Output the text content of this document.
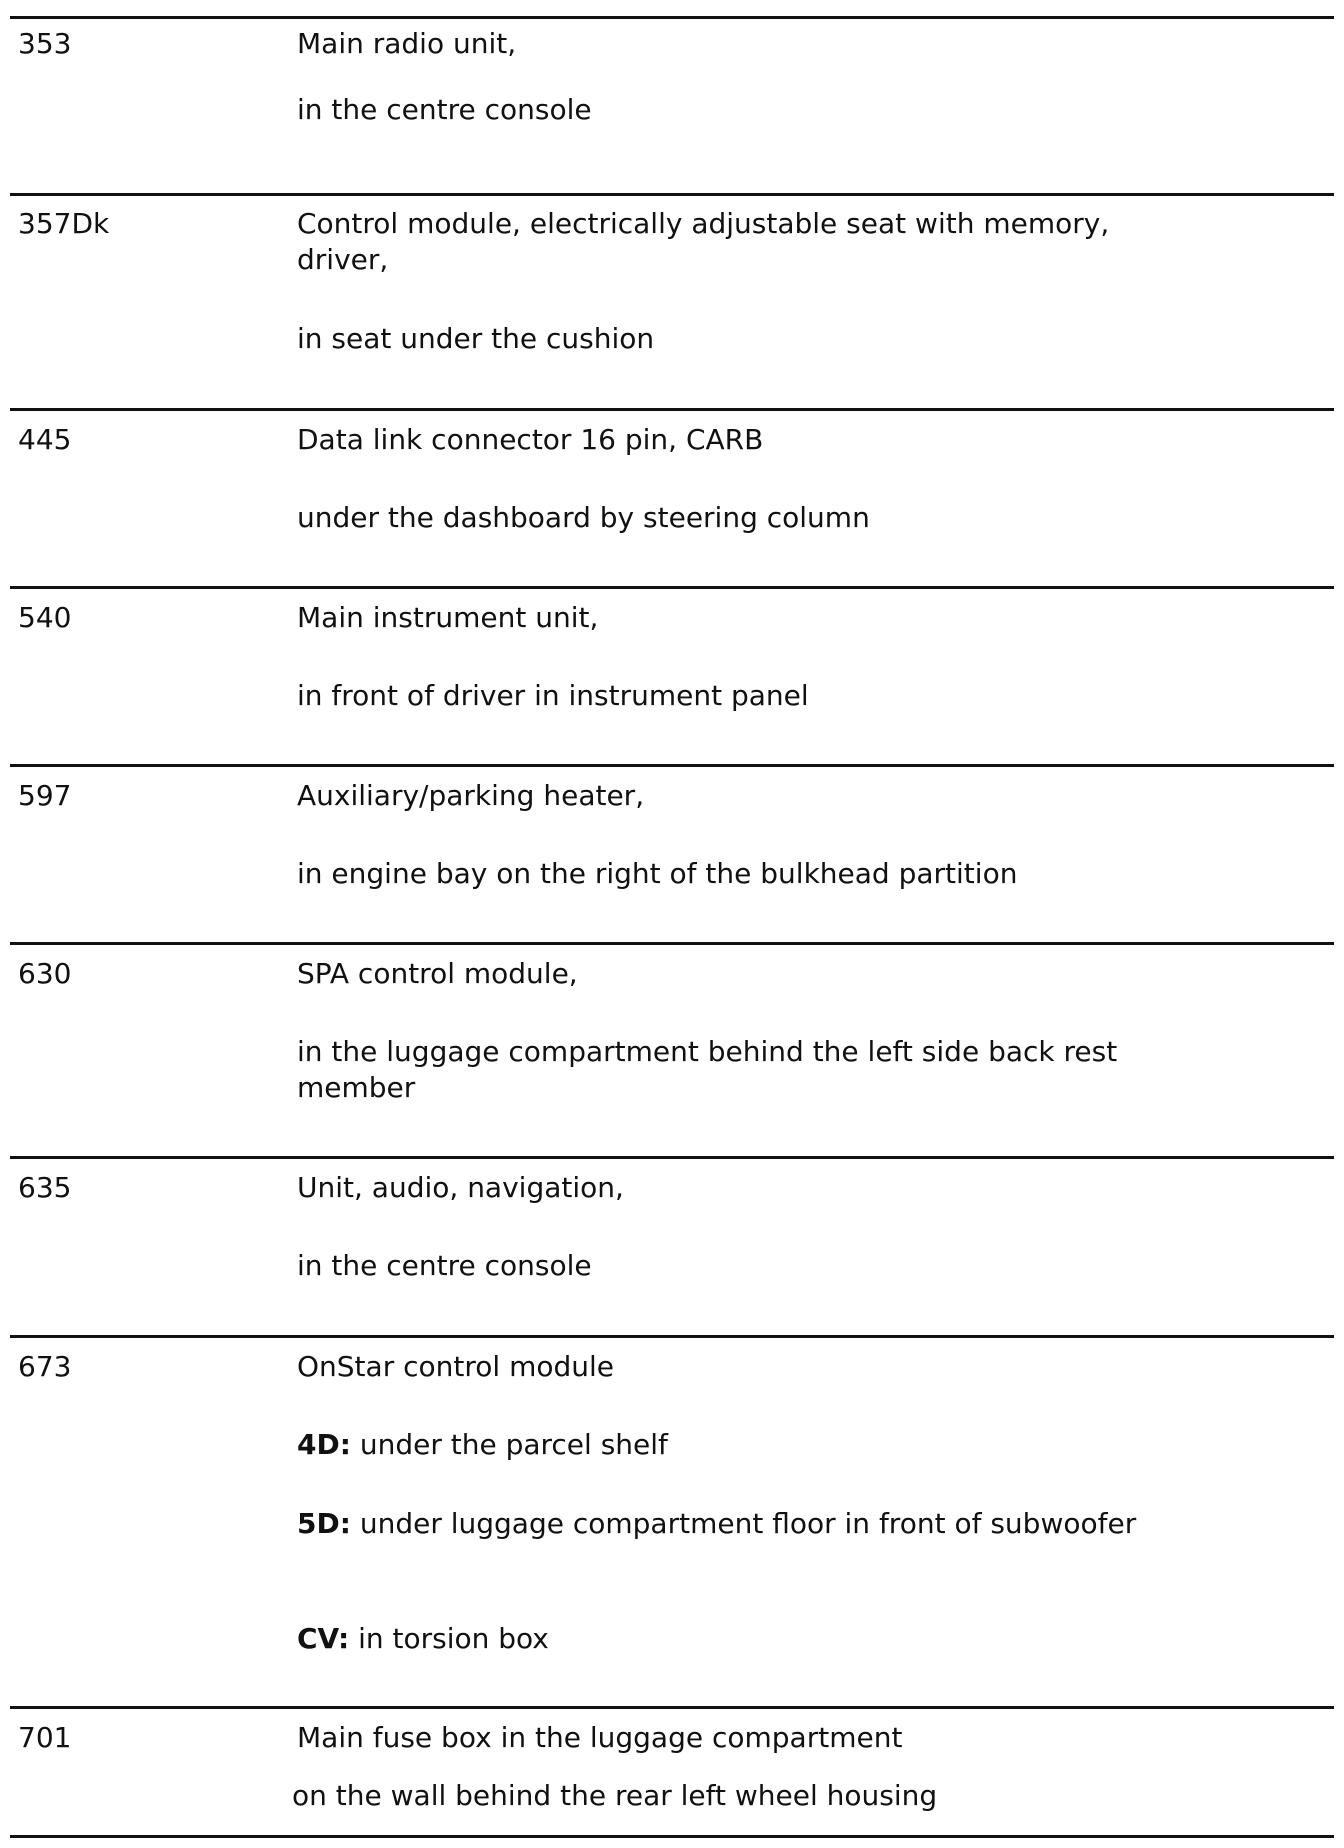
353	Main radio unit,
in the centre console
357Dk	Control module, electrically adjustable seat with memory, driver,
in seat under the cushion
445	Data link connector 16 pin, CARB
under the dashboard by steering column
540	Main instrument unit,
in front of driver in instrument panel
597	Auxiliary/parking heater,
in engine bay on the right of the bulkhead partition
630	SPA control module,
in the luggage compartment behind the left side back rest member
635	Unit, audio, navigation,
in the centre console
673	OnStar control module
4D: under the parcel shelf
5D: under luggage compartment floor in front of subwoofer
CV: in torsion box
701	Main fuse box in the luggage compartment
on the wall behind the rear left wheel housing
